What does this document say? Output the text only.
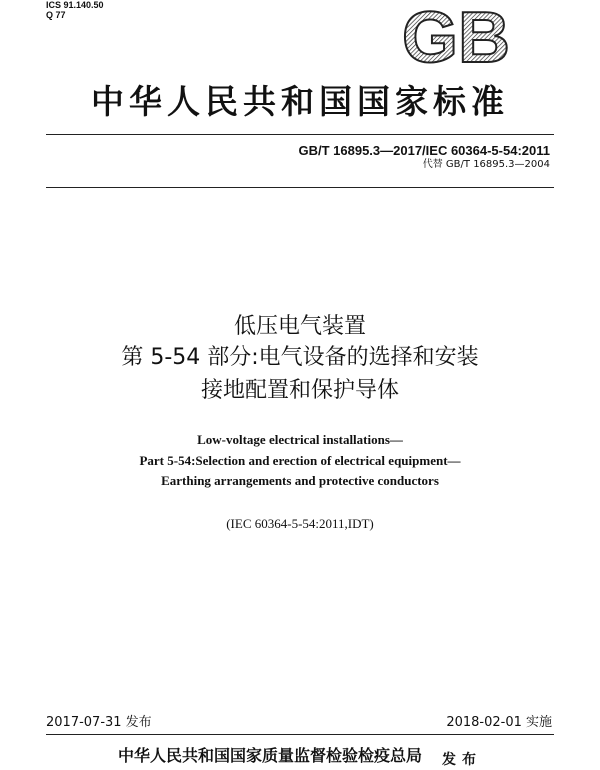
ICS 91.140.50
Q 77	GB
中华人民共和国国家标准
GB/T 16895.3—2017/IEC 60364-5-54:2011
代替 GB/T 16895.3—2004
低压电气装置
第 5-54 部分:电气设备的选择和安装
接地配置和保护导体
Low-voltage electrical installations—
Part 5-54:Selection and erection of electrical equipment—
Earthing arrangements and protective conductors
(IEC 60364-5-54:2011,IDT)
2017-07-31 发布	2018-02-01 实施
中华人民共和国国家质量监督检验检疫总局 发布
